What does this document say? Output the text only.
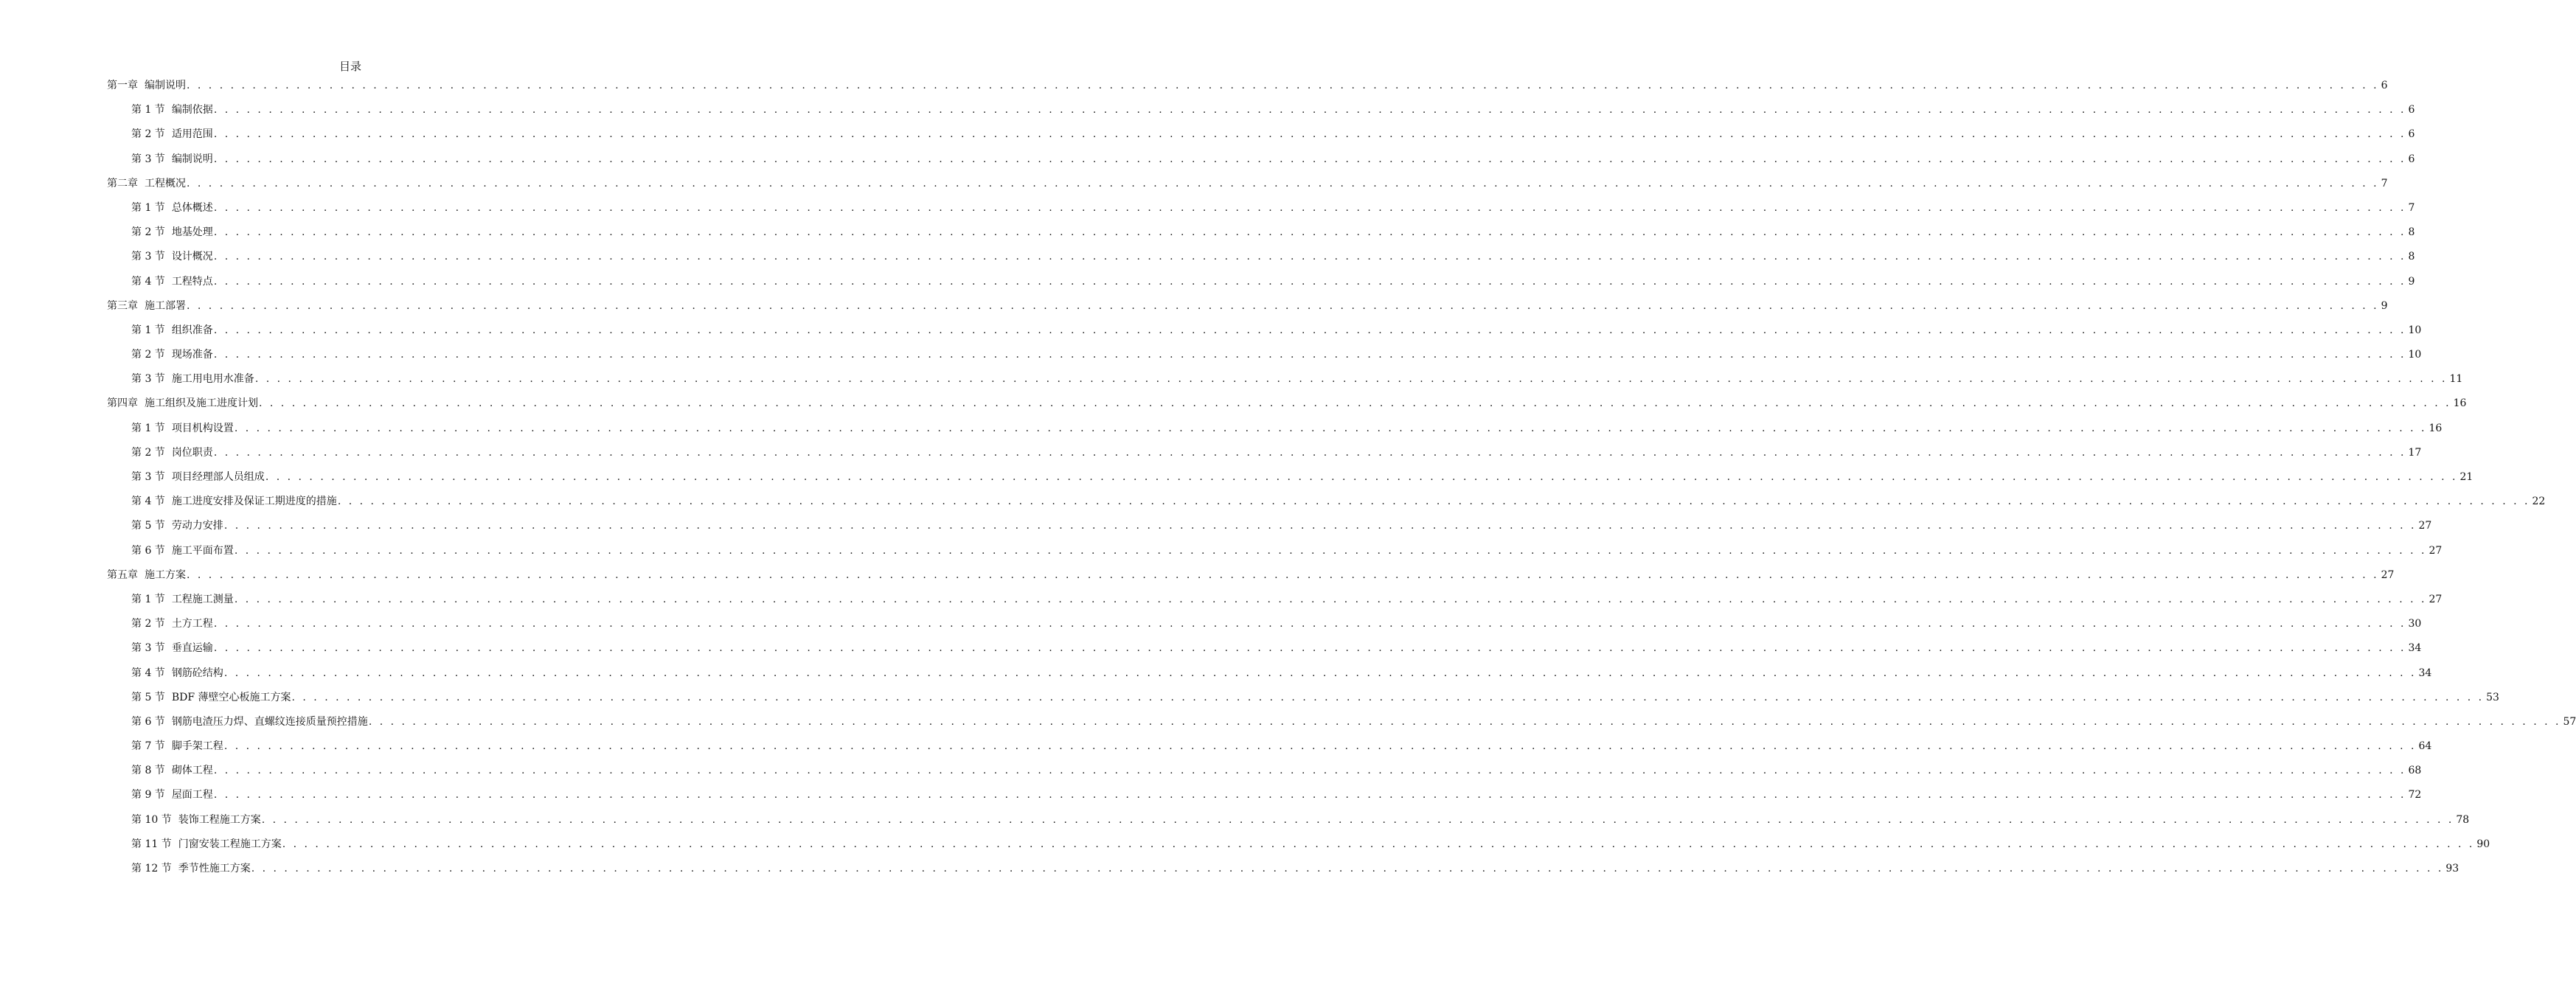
目录
第一章 编制说明 . . . . . . . . . . . . . . . . . . . . . . . . . . . . . . . . . . . . . . . . . . . . . . . . . . . . . . . . . . . . . . . . . . . . . . . . . . . . . . . . . . . . . . . . . . . . . . . . . . . . . . . . . . . . . . . . . . . . . . . . . . . . . . . . . . . . . . . . . . . . . . . . . . . . . . . . . . . . . . . . . . . . . . . . . . . . . . . . . . . . . . . . . . . . . . . . . . . . . . . . 6
第 1 节 编制依据 . . . . . . . . . . . . . . . . . . . . . . . . . . . . . . . . . . . . . . . . . . . . . . . . . . . . . . . . . . . . . . . . . . . . . . . . . . . . . . . . . . . . . . . . . . . . . . . . . . . . . . . . . . . . . . . . . . . . . . . . . . . . . . . . . . . . . . . . . . . . . . . . . . . . . . . . . . . . . . . . . . . . . . . . . . . . . . . . . . . . . . . . . . . . . . . . . . . . . . . . 6
第 2 节 适用范围 . . . . . . . . . . . . . . . . . . . . . . . . . . . . . . . . . . . . . . . . . . . . . . . . . . . . . . . . . . . . . . . . . . . . . . . . . . . . . . . . . . . . . . . . . . . . . . . . . . . . . . . . . . . . . . . . . . . . . . . . . . . . . . . . . . . . . . . . . . . . . . . . . . . . . . . . . . . . . . . . . . . . . . . . . . . . . . . . . . . . . . . . . . . . . . . . . . . . . . . . 6
第 3 节 编制说明 . . . . . . . . . . . . . . . . . . . . . . . . . . . . . . . . . . . . . . . . . . . . . . . . . . . . . . . . . . . . . . . . . . . . . . . . . . . . . . . . . . . . . . . . . . . . . . . . . . . . . . . . . . . . . . . . . . . . . . . . . . . . . . . . . . . . . . . . . . . . . . . . . . . . . . . . . . . . . . . . . . . . . . . . . . . . . . . . . . . . . . . . . . . . . . . . . . . . . . . . 6
第二章 工程概况 . . . . . . . . . . . . . . . . . . . . . . . . . . . . . . . . . . . . . . . . . . . . . . . . . . . . . . . . . . . . . . . . . . . . . . . . . . . . . . . . . . . . . . . . . . . . . . . . . . . . . . . . . . . . . . . . . . . . . . . . . . . . . . . . . . . . . . . . . . . . . . . . . . . . . . . . . . . . . . . . . . . . . . . . . . . . . . . . . . . . . . . . . . . . . . . . . . . . . . . . 7
第 1 节 总体概述 . . . . . . . . . . . . . . . . . . . . . . . . . . . . . . . . . . . . . . . . . . . . . . . . . . . . . . . . . . . . . . . . . . . . . . . . . . . . . . . . . . . . . . . . . . . . . . . . . . . . . . . . . . . . . . . . . . . . . . . . . . . . . . . . . . . . . . . . . . . . . . . . . . . . . . . . . . . . . . . . . . . . . . . . . . . . . . . . . . . . . . . . . . . . . . . . . . . . . . . . 7
第 2 节 地基处理 . . . . . . . . . . . . . . . . . . . . . . . . . . . . . . . . . . . . . . . . . . . . . . . . . . . . . . . . . . . . . . . . . . . . . . . . . . . . . . . . . . . . . . . . . . . . . . . . . . . . . . . . . . . . . . . . . . . . . . . . . . . . . . . . . . . . . . . . . . . . . . . . . . . . . . . . . . . . . . . . . . . . . . . . . . . . . . . . . . . . . . . . . . . . . . . . . . . . . . . . 8
第 3 节 设计概况 . . . . . . . . . . . . . . . . . . . . . . . . . . . . . . . . . . . . . . . . . . . . . . . . . . . . . . . . . . . . . . . . . . . . . . . . . . . . . . . . . . . . . . . . . . . . . . . . . . . . . . . . . . . . . . . . . . . . . . . . . . . . . . . . . . . . . . . . . . . . . . . . . . . . . . . . . . . . . . . . . . . . . . . . . . . . . . . . . . . . . . . . . . . . . . . . . . . . . . . . 8
第 4 节 工程特点 . . . . . . . . . . . . . . . . . . . . . . . . . . . . . . . . . . . . . . . . . . . . . . . . . . . . . . . . . . . . . . . . . . . . . . . . . . . . . . . . . . . . . . . . . . . . . . . . . . . . . . . . . . . . . . . . . . . . . . . . . . . . . . . . . . . . . . . . . . . . . . . . . . . . . . . . . . . . . . . . . . . . . . . . . . . . . . . . . . . . . . . . . . . . . . . . . . . . . . . . 9
第三章 施工部署 . . . . . . . . . . . . . . . . . . . . . . . . . . . . . . . . . . . . . . . . . . . . . . . . . . . . . . . . . . . . . . . . . . . . . . . . . . . . . . . . . . . . . . . . . . . . . . . . . . . . . . . . . . . . . . . . . . . . . . . . . . . . . . . . . . . . . . . . . . . . . . . . . . . . . . . . . . . . . . . . . . . . . . . . . . . . . . . . . . . . . . . . . . . . . . . . . . . . . . . . 9
第 1 节 组织准备 . . . . . . . . . . . . . . . . . . . . . . . . . . . . . . . . . . . . . . . . . . . . . . . . . . . . . . . . . . . . . . . . . . . . . . . . . . . . . . . . . . . . . . . . . . . . . . . . . . . . . . . . . . . . . . . . . . . . . . . . . . . . . . . . . . . . . . . . . . . . . . . . . . . . . . . . . . . . . . . . . . . . . . . . . . . . . . . . . . . . . . . . . . . . . . . . . . . . . . . . 10
第 2 节 现场准备 . . . . . . . . . . . . . . . . . . . . . . . . . . . . . . . . . . . . . . . . . . . . . . . . . . . . . . . . . . . . . . . . . . . . . . . . . . . . . . . . . . . . . . . . . . . . . . . . . . . . . . . . . . . . . . . . . . . . . . . . . . . . . . . . . . . . . . . . . . . . . . . . . . . . . . . . . . . . . . . . . . . . . . . . . . . . . . . . . . . . . . . . . . . . . . . . . . . . . . . . 10
第 3 节 施工用电用水准备 . . . . . . . . . . . . . . . . . . . . . . . . . . . . . . . . . . . . . . . . . . . . . . . . . . . . . . . . . . . . . . . . . . . . . . . . . . . . . . . . . . . . . . . . . . . . . . . . . . . . . . . . . . . . . . . . . . . . . . . . . . . . . . . . . . . . . . . . . . . . . . . . . . . . . . . . . . . . . . . . . . . . . . . . . . . . . . . . . . . . . . . . . . . . . . . . . . . . . . . . 11
第四章 施工组织及施工进度计划 . . . . . . . . . . . . . . . . . . . . . . . . . . . . . . . . . . . . . . . . . . . . . . . . . . . . . . . . . . . . . . . . . . . . . . . . . . . . . . . . . . . . . . . . . . . . . . . . . . . . . . . . . . . . . . . . . . . . . . . . . . . . . . . . . . . . . . . . . . . . . . . . . . . . . . . . . . . . . . . . . . . . . . . . . . . . . . . . . . . . . . . . . . . . . . . . . . . . . . . . 16
第 1 节 项目机构设置 . . . . . . . . . . . . . . . . . . . . . . . . . . . . . . . . . . . . . . . . . . . . . . . . . . . . . . . . . . . . . . . . . . . . . . . . . . . . . . . . . . . . . . . . . . . . . . . . . . . . . . . . . . . . . . . . . . . . . . . . . . . . . . . . . . . . . . . . . . . . . . . . . . . . . . . . . . . . . . . . . . . . . . . . . . . . . . . . . . . . . . . . . . . . . . . . . . . . . . . . 16
第 2 节 岗位职责 . . . . . . . . . . . . . . . . . . . . . . . . . . . . . . . . . . . . . . . . . . . . . . . . . . . . . . . . . . . . . . . . . . . . . . . . . . . . . . . . . . . . . . . . . . . . . . . . . . . . . . . . . . . . . . . . . . . . . . . . . . . . . . . . . . . . . . . . . . . . . . . . . . . . . . . . . . . . . . . . . . . . . . . . . . . . . . . . . . . . . . . . . . . . . . . . . . . . . . . . 17
第 3 节 项目经理部人员组成 . . . . . . . . . . . . . . . . . . . . . . . . . . . . . . . . . . . . . . . . . . . . . . . . . . . . . . . . . . . . . . . . . . . . . . . . . . . . . . . . . . . . . . . . . . . . . . . . . . . . . . . . . . . . . . . . . . . . . . . . . . . . . . . . . . . . . . . . . . . . . . . . . . . . . . . . . . . . . . . . . . . . . . . . . . . . . . . . . . . . . . . . . . . . . . . . . . . . . . . . 21
第 4 节 施工进度安排及保证工期进度的措施 . . . . . . . . . . . . . . . . . . . . . . . . . . . . . . . . . . . . . . . . . . . . . . . . . . . . . . . . . . . . . . . . . . . . . . . . . . . . . . . . . . . . . . . . . . . . . . . . . . . . . . . . . . . . . . . . . . . . . . . . . . . . . . . . . . . . . . . . . . . . . . . . . . . . . . . . . . . . . . . . . . . . . . . . . . . . . . . . . . . . . . . . . . . . . . . . . . . . . . . . 22
第 5 节 劳动力安排 . . . . . . . . . . . . . . . . . . . . . . . . . . . . . . . . . . . . . . . . . . . . . . . . . . . . . . . . . . . . . . . . . . . . . . . . . . . . . . . . . . . . . . . . . . . . . . . . . . . . . . . . . . . . . . . . . . . . . . . . . . . . . . . . . . . . . . . . . . . . . . . . . . . . . . . . . . . . . . . . . . . . . . . . . . . . . . . . . . . . . . . . . . . . . . . . . . . . . . . . 27
第 6 节 施工平面布置 . . . . . . . . . . . . . . . . . . . . . . . . . . . . . . . . . . . . . . . . . . . . . . . . . . . . . . . . . . . . . . . . . . . . . . . . . . . . . . . . . . . . . . . . . . . . . . . . . . . . . . . . . . . . . . . . . . . . . . . . . . . . . . . . . . . . . . . . . . . . . . . . . . . . . . . . . . . . . . . . . . . . . . . . . . . . . . . . . . . . . . . . . . . . . . . . . . . . . . . . 27
第五章 施工方案 . . . . . . . . . . . . . . . . . . . . . . . . . . . . . . . . . . . . . . . . . . . . . . . . . . . . . . . . . . . . . . . . . . . . . . . . . . . . . . . . . . . . . . . . . . . . . . . . . . . . . . . . . . . . . . . . . . . . . . . . . . . . . . . . . . . . . . . . . . . . . . . . . . . . . . . . . . . . . . . . . . . . . . . . . . . . . . . . . . . . . . . . . . . . . . . . . . . . . . . . 27
第 1 节 工程施工测量 . . . . . . . . . . . . . . . . . . . . . . . . . . . . . . . . . . . . . . . . . . . . . . . . . . . . . . . . . . . . . . . . . . . . . . . . . . . . . . . . . . . . . . . . . . . . . . . . . . . . . . . . . . . . . . . . . . . . . . . . . . . . . . . . . . . . . . . . . . . . . . . . . . . . . . . . . . . . . . . . . . . . . . . . . . . . . . . . . . . . . . . . . . . . . . . . . . . . . . . . 27
第 2 节 土方工程 . . . . . . . . . . . . . . . . . . . . . . . . . . . . . . . . . . . . . . . . . . . . . . . . . . . . . . . . . . . . . . . . . . . . . . . . . . . . . . . . . . . . . . . . . . . . . . . . . . . . . . . . . . . . . . . . . . . . . . . . . . . . . . . . . . . . . . . . . . . . . . . . . . . . . . . . . . . . . . . . . . . . . . . . . . . . . . . . . . . . . . . . . . . . . . . . . . . . . . . . 30
第 3 节 垂直运输 . . . . . . . . . . . . . . . . . . . . . . . . . . . . . . . . . . . . . . . . . . . . . . . . . . . . . . . . . . . . . . . . . . . . . . . . . . . . . . . . . . . . . . . . . . . . . . . . . . . . . . . . . . . . . . . . . . . . . . . . . . . . . . . . . . . . . . . . . . . . . . . . . . . . . . . . . . . . . . . . . . . . . . . . . . . . . . . . . . . . . . . . . . . . . . . . . . . . . . . . 34
第 4 节 钢筋砼结构 . . . . . . . . . . . . . . . . . . . . . . . . . . . . . . . . . . . . . . . . . . . . . . . . . . . . . . . . . . . . . . . . . . . . . . . . . . . . . . . . . . . . . . . . . . . . . . . . . . . . . . . . . . . . . . . . . . . . . . . . . . . . . . . . . . . . . . . . . . . . . . . . . . . . . . . . . . . . . . . . . . . . . . . . . . . . . . . . . . . . . . . . . . . . . . . . . . . . . . . . 34
第 5 节 BDF 薄壁空心板施工方案 . . . . . . . . . . . . . . . . . . . . . . . . . . . . . . . . . . . . . . . . . . . . . . . . . . . . . . . . . . . . . . . . . . . . . . . . . . . . . . . . . . . . . . . . . . . . . . . . . . . . . . . . . . . . . . . . . . . . . . . . . . . . . . . . . . . . . . . . . . . . . . . . . . . . . . . . . . . . . . . . . . . . . . . . . . . . . . . . . . . . . . . . . . . . . . . . . . . . . . . . 53
第 6 节 钢筋电渣压力焊、直螺纹连接质量预控措施 . . . . . . . . . . . . . . . . . . . . . . . . . . . . . . . . . . . . . . . . . . . . . . . . . . . . . . . . . . . . . . . . . . . . . . . . . . . . . . . . . . . . . . . . . . . . . . . . . . . . . . . . . . . . . . . . . . . . . . . . . . . . . . . . . . . . . . . . . . . . . . . . . . . . . . . . . . . . . . . . . . . . . . . . . . . . . . . . . . . . . . . . . . . . . . . . . . . . . . . . 57
第 7 节 脚手架工程 . . . . . . . . . . . . . . . . . . . . . . . . . . . . . . . . . . . . . . . . . . . . . . . . . . . . . . . . . . . . . . . . . . . . . . . . . . . . . . . . . . . . . . . . . . . . . . . . . . . . . . . . . . . . . . . . . . . . . . . . . . . . . . . . . . . . . . . . . . . . . . . . . . . . . . . . . . . . . . . . . . . . . . . . . . . . . . . . . . . . . . . . . . . . . . . . . . . . . . . . 64
第 8 节 砌体工程 . . . . . . . . . . . . . . . . . . . . . . . . . . . . . . . . . . . . . . . . . . . . . . . . . . . . . . . . . . . . . . . . . . . . . . . . . . . . . . . . . . . . . . . . . . . . . . . . . . . . . . . . . . . . . . . . . . . . . . . . . . . . . . . . . . . . . . . . . . . . . . . . . . . . . . . . . . . . . . . . . . . . . . . . . . . . . . . . . . . . . . . . . . . . . . . . . . . . . . . . 68
第 9 节 屋面工程 . . . . . . . . . . . . . . . . . . . . . . . . . . . . . . . . . . . . . . . . . . . . . . . . . . . . . . . . . . . . . . . . . . . . . . . . . . . . . . . . . . . . . . . . . . . . . . . . . . . . . . . . . . . . . . . . . . . . . . . . . . . . . . . . . . . . . . . . . . . . . . . . . . . . . . . . . . . . . . . . . . . . . . . . . . . . . . . . . . . . . . . . . . . . . . . . . . . . . . . . 72
第 10 节 装饰工程施工方案 . . . . . . . . . . . . . . . . . . . . . . . . . . . . . . . . . . . . . . . . . . . . . . . . . . . . . . . . . . . . . . . . . . . . . . . . . . . . . . . . . . . . . . . . . . . . . . . . . . . . . . . . . . . . . . . . . . . . . . . . . . . . . . . . . . . . . . . . . . . . . . . . . . . . . . . . . . . . . . . . . . . . . . . . . . . . . . . . . . . . . . . . . . . . . . . . . . . . . . . . 78
第 11 节 门窗安装工程施工方案 . . . . . . . . . . . . . . . . . . . . . . . . . . . . . . . . . . . . . . . . . . . . . . . . . . . . . . . . . . . . . . . . . . . . . . . . . . . . . . . . . . . . . . . . . . . . . . . . . . . . . . . . . . . . . . . . . . . . . . . . . . . . . . . . . . . . . . . . . . . . . . . . . . . . . . . . . . . . . . . . . . . . . . . . . . . . . . . . . . . . . . . . . . . . . . . . . . . . . . . . 90
第 12 节 季节性施工方案 . . . . . . . . . . . . . . . . . . . . . . . . . . . . . . . . . . . . . . . . . . . . . . . . . . . . . . . . . . . . . . . . . . . . . . . . . . . . . . . . . . . . . . . . . . . . . . . . . . . . . . . . . . . . . . . . . . . . . . . . . . . . . . . . . . . . . . . . . . . . . . . . . . . . . . . . . . . . . . . . . . . . . . . . . . . . . . . . . . . . . . . . . . . . . . . . . . . . . . . . 93
